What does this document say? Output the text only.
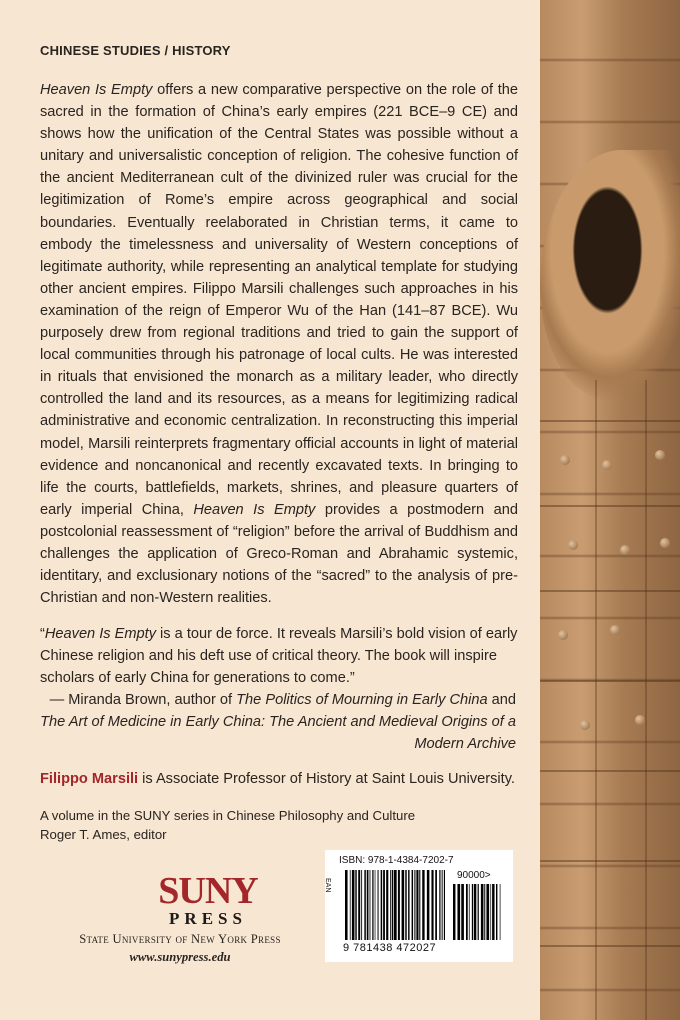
CHINESE STUDIES / HISTORY

Heaven Is Empty offers a new comparative perspective on the role of the sacred in the formation of China’s early empires (221 BCE–9 CE) and shows how the unification of the Central States was possible without a unitary and universalistic conception of religion. The cohesive function of the ancient Mediterranean cult of the divinized ruler was crucial for the legitimization of Rome’s empire across geographical and social boundaries. Eventually reelaborated in Christian terms, it came to embody the timelessness and universality of Western conceptions of legitimate authority, while representing an analytical template for studying other ancient empires. Filippo Marsili challenges such approaches in his examination of the reign of Emperor Wu of the Han (141–87 BCE). Wu purposely drew from regional traditions and tried to gain the support of local communities through his patronage of local cults. He was interested in rituals that envisioned the monarch as a military leader, who directly controlled the land and its resources, as a means for legitimizing radical administrative and economic centralization. In reconstructing this imperial model, Marsili reinterprets fragmentary official accounts in light of material evidence and noncanonical and recently excavated texts. In bringing to life the courts, battlefields, markets, shrines, and pleasure quarters of early imperial China, Heaven Is Empty provides a postmodern and postcolonial reassessment of “religion” before the arrival of Buddhism and challenges the application of Greco-Roman and Abrahamic systemic, identitary, and exclusionary notions of the “sacred” to the analysis of pre-Christian and non-Western realities.

“Heaven Is Empty is a tour de force. It reveals Marsili’s bold vision of early Chinese religion and his deft use of critical theory. The book will inspire scholars of early China for generations to come.”

— Miranda Brown, author of The Politics of Mourning in Early China and The Art of Medicine in Early China: The Ancient and Medieval Origins of a Modern Archive
Filippo Marsili is Associate Professor of History at Saint Louis University.
A volume in the SUNY series in Chinese Philosophy and Culture
Roger T. Ames, editor
SUNY
PRESS
State University of New York Press
www.sunypress.edu
ISBN: 978-1-4384-7202-7
EAN
90000>
9 781438 472027
